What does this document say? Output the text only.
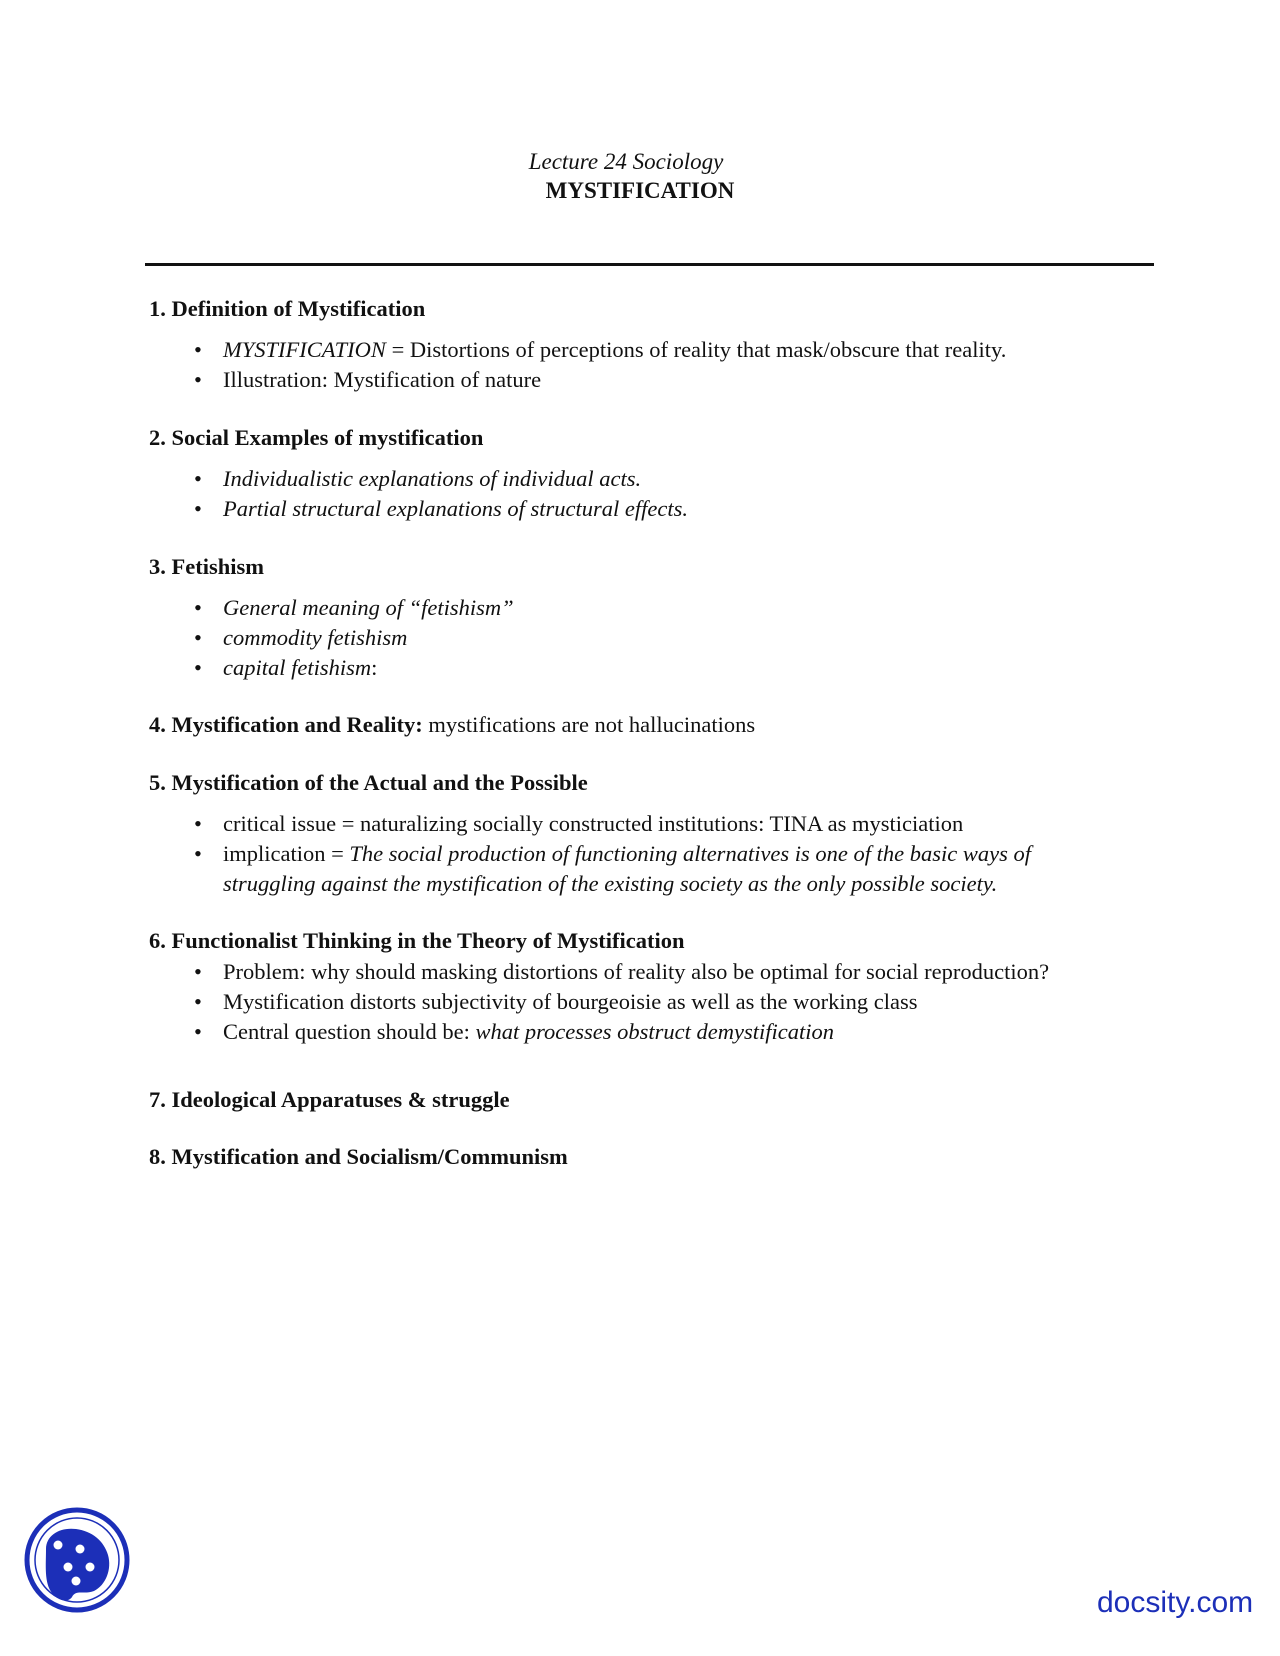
Lecture 24 Sociology
MYSTIFICATION

1. Definition of Mystification

• MYSTIFICATION = Distortions of perceptions of reality that mask/obscure that reality.
• Illustration: Mystification of nature

2. Social Examples of mystification

• Individualistic explanations of individual acts.
• Partial structural explanations of structural effects.

3. Fetishism

• General meaning of “fetishism”
• commodity fetishism
• capital fetishism:

4. Mystification and Reality: mystifications are not hallucinations

5. Mystification of the Actual and the Possible

• critical issue = naturalizing socially constructed institutions: TINA as mysticiation
• implication = The social production of functioning alternatives is one of the basic ways of
struggling against the mystification of the existing society as the only possible society.

6. Functionalist Thinking in the Theory of Mystification

• Problem: why should masking distortions of reality also be optimal for social reproduction?
• Mystification distorts subjectivity of bourgeoisie as well as the working class
• Central question should be: what processes obstruct demystification

7. Ideological Apparatuses & struggle

8. Mystification and Socialism/Communism

docsity.com
